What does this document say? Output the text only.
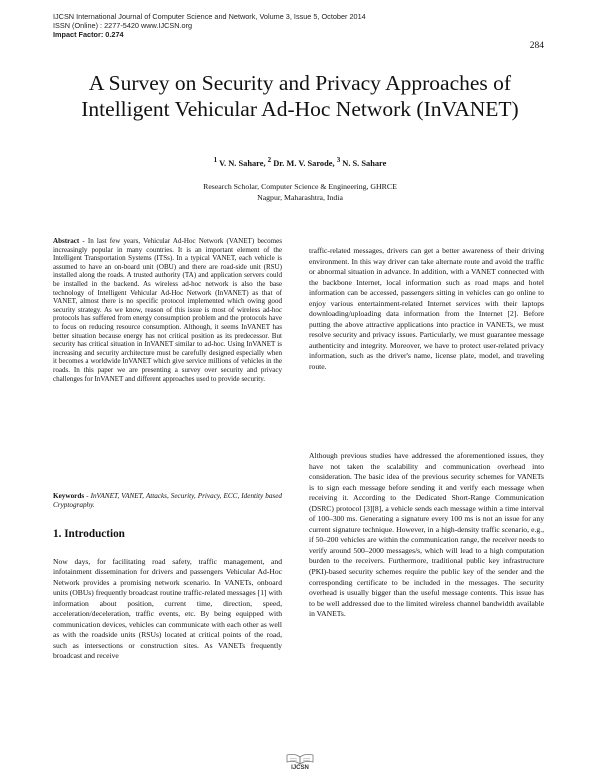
IJCSN International Journal of Computer Science and Network, Volume 3, Issue 5, October 2014
ISSN (Online) : 2277-5420 www.IJCSN.org
Impact Factor: 0.274
284
A Survey on Security and Privacy Approaches of
Intelligent Vehicular Ad-Hoc Network (InVANET)
$^1$ V. N. Sahare, $^2$ Dr. M. V. Sarode, $^3$ N. S. Sahare
Research Scholar, Computer Science & Engineering, GHRCE
Nagpur, Maharashtra, India

Abstract - In last few years, Vehicular Ad-Hoc Network (VANET) becomes increasingly popular in many countries. It is an important element of the Intelligent Transportation Systems (ITSs). In a typical VANET, each vehicle is assumed to have an on-board unit (OBU) and there are road-side unit (RSU) installed along the roads. A trusted authority (TA) and application servers could be installed in the backend. As wireless ad-hoc network is also the base technology of Intelligent Vehicular Ad-Hoc Network (InVANET) as that of VANET, almost there is no specific protocol implemented which owing good security strategy. As we know, reason of this issue is most of wireless ad-hoc protocols has suffered from energy consumption problem and the protocols have to focus on reducing resource consumption. Although, it seems InVANET has better situation because energy has not critical position as its predecessor. But security has critical situation in InVANET similar to ad-hoc. Using InVANET is increasing and security architecture must be carefully designed especially when it becomes a worldwide InVANET which give service millions of vehicles in the roads. In this paper we are presenting a survey over security and privacy challenges for InVANET and different approaches used to provide security.

Keywords - InVANET, VANET, Attacks, Security, Privacy, ECC, Identity based Cryptography.

1. Introduction

Now days, for facilitating road safety, traffic management, and infotainment dissemination for drivers and passengers Vehicular Ad-Hoc Network provides a promising network scenario. In VANETs, onboard units (OBUs) frequently broadcast routine traffic-related messages [1] with information about position, current time, direction, speed, acceleration/deceleration, traffic events, etc. By being equipped with communication devices, vehicles can communicate with each other as well as with the roadside units (RSUs) located at critical points of the road, such as intersections or construction sites. As VANETs frequently broadcast and receive

traffic-related messages, drivers can get a better awareness of their driving environment. In this way driver can take alternate route and avoid the traffic or abnormal situation in advance. In addition, with a VANET connected with the backbone Internet, local information such as road maps and hotel information can be accessed, passengers sitting in vehicles can go online to enjoy various entertainment-related Internet services with their laptops downloading/uploading data information from the Internet [2]. Before putting the above attractive applications into practice in VANETs, we must resolve security and privacy issues. Particularly, we must guarantee message authenticity and integrity. Moreover, we have to protect user-related privacy information, such as the driver's name, license plate, model, and traveling route.

Although previous studies have addressed the aforementioned issues, they have not taken the scalability and communication overhead into consideration. The basic idea of the previous security schemes for VANETs is to sign each message before sending it and verify each message when receiving it. According to the Dedicated Short-Range Communication (DSRC) protocol [3][8], a vehicle sends each message within a time interval of 100–300 ms. Generating a signature every 100 ms is not an issue for any current signature technique. However, in a high-density traffic scenario, e.g., if 50–200 vehicles are within the communication range, the receiver needs to verify around 500–2000 messages/s, which will lead to a high computation burden to the receivers. Furthermore, traditional public key infrastructure (PKI)-based security schemes require the public key of the sender and the corresponding certificate to be included in the messages. The security overhead is usually bigger than the useful message contents. This issue has to be well addressed due to the limited wireless channel bandwidth available in VANETs.

IJCSN
